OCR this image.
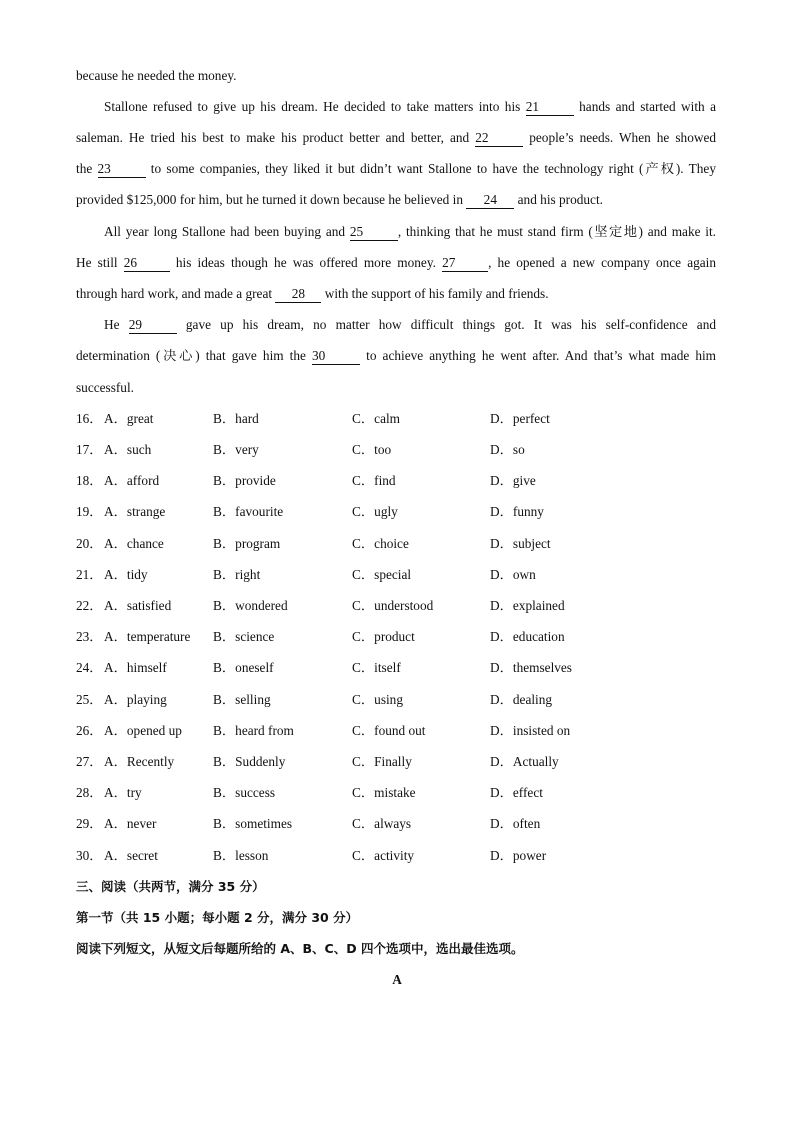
because he needed the money.
Stallone refused to give up his dream. He decided to take matters into his 21	hands and started with a
saleman. He tried his best to make his product better and better, and 22	people’s needs. When he showed
the 23	to some companies, they liked it but didn’t want Stallone to have the technology right (产权). They
provided $125,000 for him, but he turned it down because he believed in 24 and his product.
All year long Stallone had been buying and 25	, thinking that he must stand firm (坚定地) and make it.
He still 26	his ideas though he was offered more money. 27 , he opened a new company once again
through hard work, and made a great 28 with the support of his family and friends.
He 29	gave up his dream, no matter how difficult things got. It was his self-confidence and
determination (决心) that gave him the 30	to achieve anything he went after. And that’s what made him
successful.
16． A．great	B．hard	C．calm	D．perfect
17． A．such	B．very	C．too	D．so
18． A．afford	B．provide	C．find	D．give
19． A．strange	B．favourite	C．ugly	D．funny
20． A．chance	B．program	C．choice	D．subject
21． A．tidy	B．right	C．special	D．own
22． A．satisfied	B．wondered	C．understood	D．explained
23． A．temperature B．science	C．product	D．education
24． A．himself	B．oneself	C．itself	D．themselves
25． A．playing	B．selling	C．using	D．dealing
26． A．opened up B．heard from	C．found out	D．insisted on
27． A．Recently	B．Suddenly	C．Finally	D．Actually
28． A．try	B．success	C．mistake	D．effect
29． A．never	B．sometimes	C．always	D．often
30． A．secret	B．lesson	C．activity	D．power
三、阅读（共两节，满分 35 分）
第一节（共 15 小题；每小题 2 分，满分 30 分）
阅读下列短文，从短文后每题所给的 A、B、C、D 四个选项中，选出最佳选项。
A
